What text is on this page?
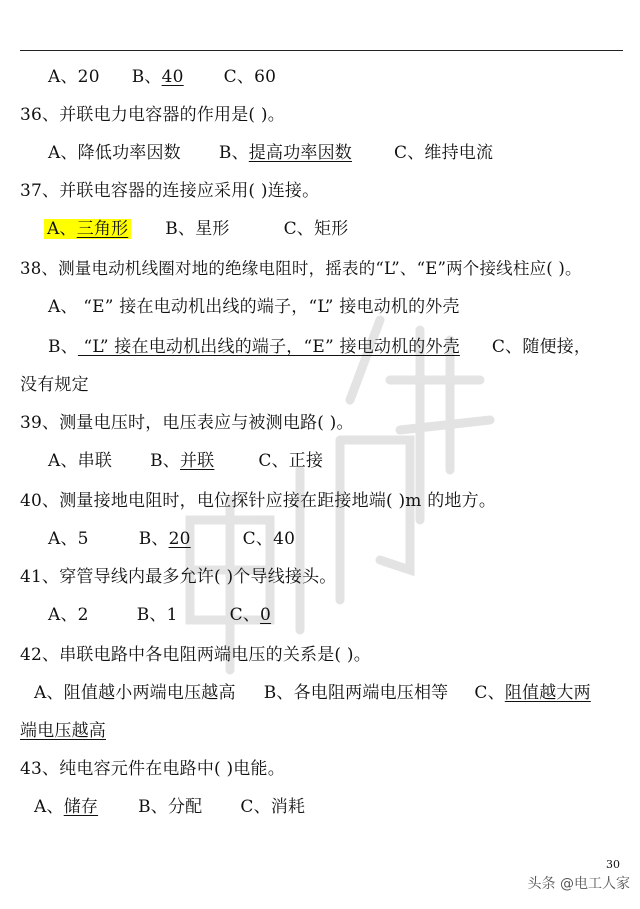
A、20 B、40 C、60
36、并联电力电容器的作用是( )。
A、降低功率因数 B、提高功率因数 C、维持电流
37、并联电容器的连接应采用( )连接。
A、三角形 B、星形	C、矩形
38、测量电动机线圈对地的绝缘电阻时，摇表的“L”、“E”两个接线柱应( )。
A、 “E” 接在电动机出线的端子，“L” 接电动机的外壳
B、 “L” 接在电动机出线的端子，“E” 接电动机的外壳 C、随便接，
没有规定
39、测量电压时，电压表应与被测电路( )。
A、串联 B、并联	C、正接
40、测量接地电阻时，电位探针应接在距接地端( )m 的地方。
A、5	B、20	C、40
41、穿管导线内最多允许( )个导线接头。
A、2	B、1	C、0
42、串联电路中各电阻两端电压的关系是( )。
A、阻值越小两端电压越高 B、各电阻两端电压相等 C、阻值越大两
端电压越高
43、纯电容元件在电路中( )电能。
A、储存 B、分配 C、消耗
30
头条 @电工人家
